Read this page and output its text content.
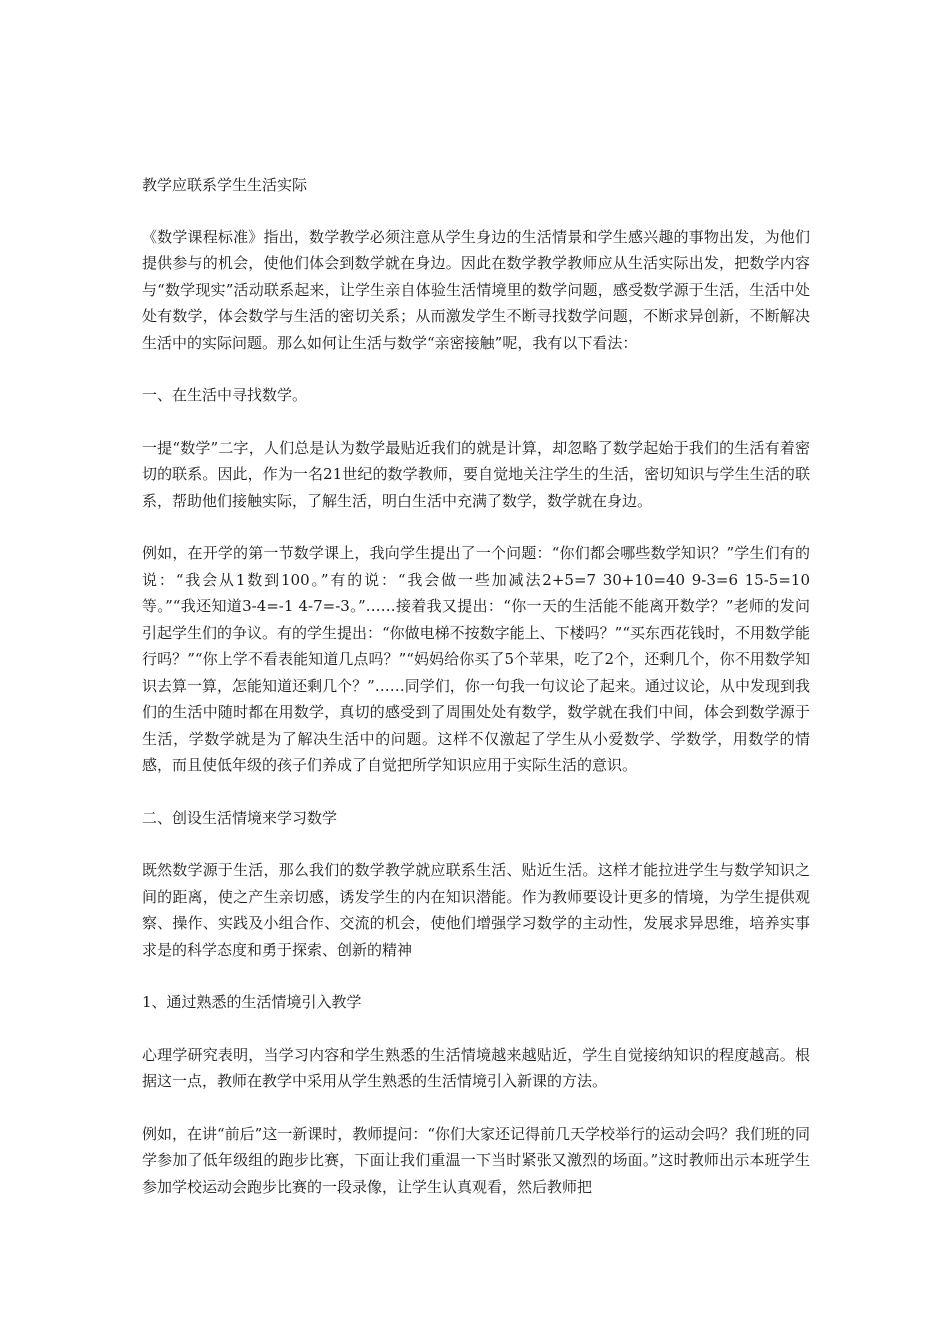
教学应联系学生生活实际

《数学课程标准》指出，数学教学必须注意从学生身边的生活情景和学生感兴趣的事物出发，为他们提供参与的机会，使他们体会到数学就在身边。因此在数学教学教师应从生活实际出发，把数学内容与“数学现实”活动联系起来，让学生亲自体验生活情境里的数学问题，感受数学源于生活，生活中处处有数学，体会数学与生活的密切关系；从而激发学生不断寻找数学问题，不断求异创新，不断解决生活中的实际问题。那么如何让生活与数学“亲密接触”呢，我有以下看法：

一、在生活中寻找数学。

一提“数学”二字，人们总是认为数学最贴近我们的就是计算，却忽略了数学起始于我们的生活有着密切的联系。因此，作为一名21世纪的数学教师，要自觉地关注学生的生活，密切知识与学生生活的联系，帮助他们接触实际，了解生活，明白生活中充满了数学，数学就在身边。

例如，在开学的第一节数学课上，我向学生提出了一个问题：“你们都会哪些数学知识？”学生们有的说：“我会从1数到100。”有的说：“我会做一些加减法2+5=7 30+10=40 9-3=6 15-5=10等。”“我还知道3-4=-1 4-7=-3。”……接着我又提出：“你一天的生活能不能离开数学？”老师的发问引起学生们的争议。有的学生提出：“你做电梯不按数字能上、下楼吗？”“买东西花钱时，不用数学能行吗？”“你上学不看表能知道几点吗？”“妈妈给你买了5个苹果，吃了2个，还剩几个，你不用数学知识去算一算，怎能知道还剩几个？”……同学们，你一句我一句议论了起来。通过议论，从中发现到我们的生活中随时都在用数学，真切的感受到了周围处处有数学，数学就在我们中间，体会到数学源于生活，学数学就是为了解决生活中的问题。这样不仅激起了学生从小爱数学、学数学，用数学的情感，而且使低年级的孩子们养成了自觉把所学知识应用于实际生活的意识。

二、创设生活情境来学习数学

既然数学源于生活，那么我们的数学教学就应联系生活、贴近生活。这样才能拉进学生与数学知识之间的距离，使之产生亲切感，诱发学生的内在知识潜能。作为教师要设计更多的情境，为学生提供观察、操作、实践及小组合作、交流的机会，使他们增强学习数学的主动性，发展求异思维，培养实事求是的科学态度和勇于探索、创新的精神

1、通过熟悉的生活情境引入教学

心理学研究表明，当学习内容和学生熟悉的生活情境越来越贴近，学生自觉接纳知识的程度越高。根据这一点，教师在教学中采用从学生熟悉的生活情境引入新课的方法。

例如，在讲“前后”这一新课时，教师提问：“你们大家还记得前几天学校举行的运动会吗？我们班的同学参加了低年级组的跑步比赛，下面让我们重温一下当时紧张又激烈的场面。”这时教师出示本班学生参加学校运动会跑步比赛的一段录像，让学生认真观看，然后教师把
